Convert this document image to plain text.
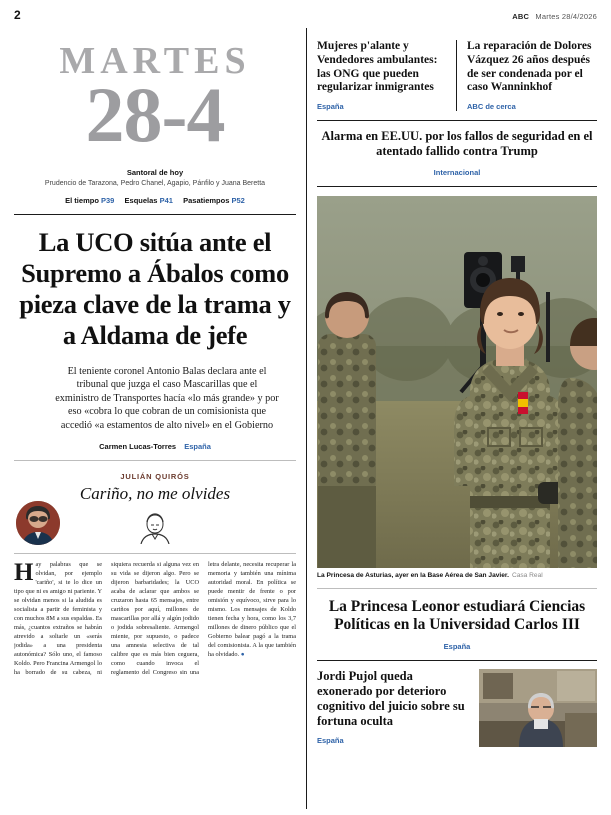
2	ABC Martes 28/4/2026
MARTES
28-4
Santoral de hoy
Prudencio de Tarazona, Pedro Chanel, Agapio, Pánfilo y Juana Beretta
El tiempo P39 Esquelas P41 Pasatiempos P52
La UCO sitúa ante el Supremo a Ábalos como pieza clave de la trama y a Aldama de jefe
El teniente coronel Antonio Balas declara ante el tribunal que juzga el caso Mascarillas que el exministro de Transportes hacía «lo más grande» y por eso «cobra lo que cobran de un comisionista que accedió «a estamentos de alto nivel» en el Gobierno
Carmen Lucas-Torres España
JULIÁN QUIRÓS
Cariño, no me olvides

Hay palabras que se olvidan, por ejemplo 'cariño', si te lo dice un tipo que ni es amigo ni pariente. Y se olvidan menos si la aludida es socialista a partir de feminista y con muchos 8M a sus espaldas. Es más, ¿cuantos extraños se habrán atrevido a soltarle un «serás jodida» a una presidenta autonómica? Sólo uno, el famoso Koldo. Pero Francina Armengol lo ha borrado de su cabeza, ni siquiera recuerda si alguna vez en su vida se dijeron algo. Pero se dijeron barbaridades; la UCO acaba de aclarar que ambos se cruzaron hasta 65 mensajes, entre cariños por aquí, millones de mascarillas por allá y algún jodido o jodida sobresaliente. Armengol miente, por supuesto, o padece una amnesia selectiva de tal calibre que es más bien ceguera, como cuando invoca el reglamento del Congreso sin una letra delante, necesita recuperar la memoria y también una mínima autoridad moral. En política se puede mentir de frente o por omisión y equívoco, sirve para lo mismo. Los mensajes de Koldo tienen fecha y hora, como los 3,7 millones de dinero público que el Gobierno balear pagó a la trama del comisionista. A la que también ha olvidado. ●

Mujeres p'alante y Vendedores ambulantes: las ONG que pueden regularizar inmigrantes
España
La reparación de Dolores Vázquez 26 años después de ser condenada por el caso Wanninkhof
ABC de cerca
Alarma en EE.UU. por los fallos de seguridad en el atentado fallido contra Trump
Internacional
La Princesa de Asturias, ayer en la Base Aérea de San Javier. Casa Real
La Princesa Leonor estudiará Ciencias Políticas en la Universidad Carlos III
España
Jordi Pujol queda exonerado por deterioro cognitivo del juicio sobre su fortuna oculta
España
